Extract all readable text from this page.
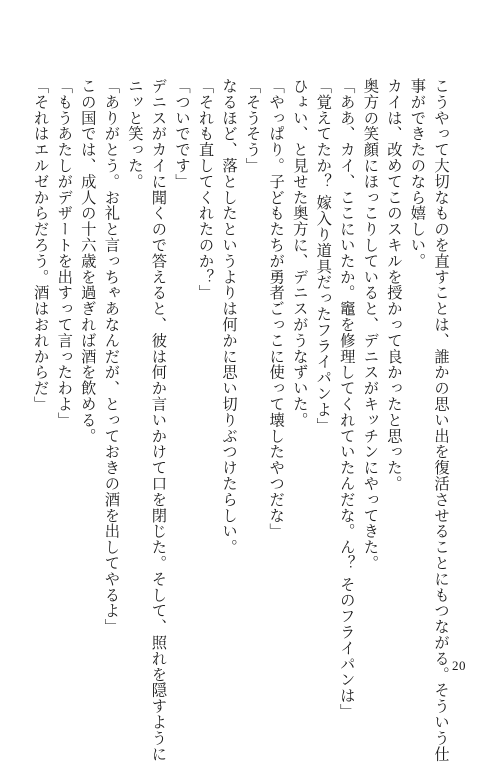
こうやって大切なものを直すことは、誰かの思い出を復活させることにもつながる。そういう仕
事ができたのなら嬉しい。
カイは、改めてこのスキルを授かって良かったと思った。
奥方の笑顔にほっこりしていると、デニスがキッチンにやってきた。
「ああ、カイ、ここにいたか。竈を修理してくれていたんだな。ん？ そのフライパンは」
「覚えてたか？ 嫁入り道具だったフライパンよ」
ひょい、と見せた奥方に、デニスがうなずいた。
「やっぱり。子どもたちが勇者ごっこに使って壊したやつだな」
「そうそう」
なるほど、落としたというよりは何かに思い切りぶつけたらしい。
「それも直してくれたのか？」
「ついでです」
デニスがカイに聞くので答えると、彼は何か言いかけて口を閉じた。そして、照れを隠すように
ニッと笑った。
「ありがとう。お礼と言っちゃあなんだが、とっておきの酒を出してやるよ」
この国では、成人の十六歳を過ぎれば酒を飲める。
「もうあたしがデザートを出すって言ったわよ」
「それはエルゼからだろう。酒はおれからだ」
20
